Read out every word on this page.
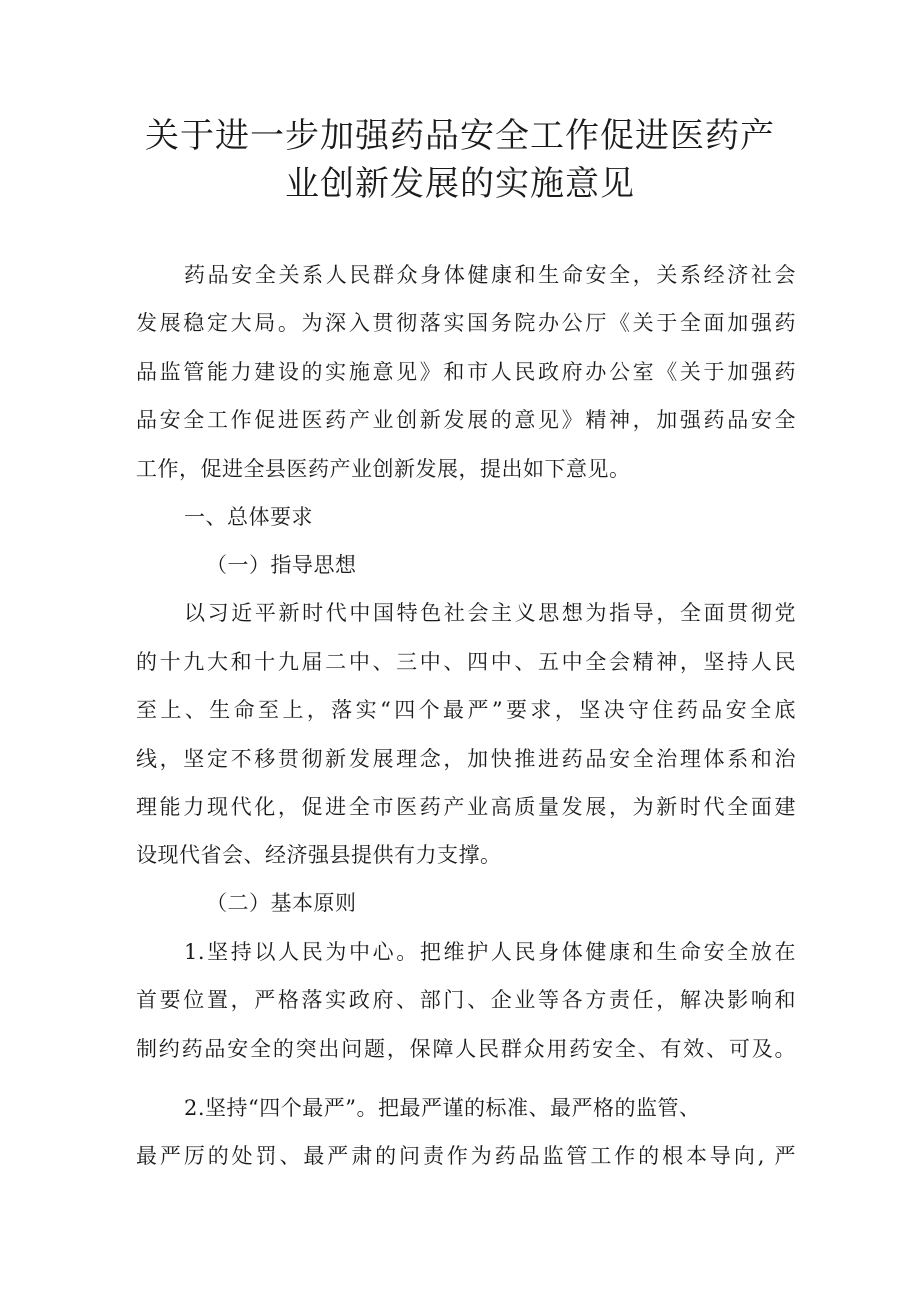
关于进一步加强药品安全工作促进医药产
业创新发展的实施意见
药品安全关系人民群众身体健康和生命安全，关系经济社会
发展稳定大局。为深入贯彻落实国务院办公厅《关于全面加强药
品监管能力建设的实施意见》和市人民政府办公室《关于加强药
品安全工作促进医药产业创新发展的意见》精神，加强药品安全
工作，促进全县医药产业创新发展，提出如下意见。
一、总体要求
（一）指导思想
以习近平新时代中国特色社会主义思想为指导，全面贯彻党
的十九大和十九届二中、三中、四中、五中全会精神，坚持人民
至上、生命至上，落实“四个最严”要求，坚决守住药品安全底
线，坚定不移贯彻新发展理念，加快推进药品安全治理体系和治
理能力现代化，促进全市医药产业高质量发展，为新时代全面建
设现代省会、经济强县提供有力支撑。
（二）基本原则
1.坚持以人民为中心。把维护人民身体健康和生命安全放在
首要位置，严格落实政府、部门、企业等各方责任，解决影响和
制约药品安全的突出问题，保障人民群众用药安全、有效、可及。
2.坚持“四个最严”。把最严谨的标准、最严格的监管、
最严厉的处罚、最严肃的问责作为药品监管工作的根本导向, 严
